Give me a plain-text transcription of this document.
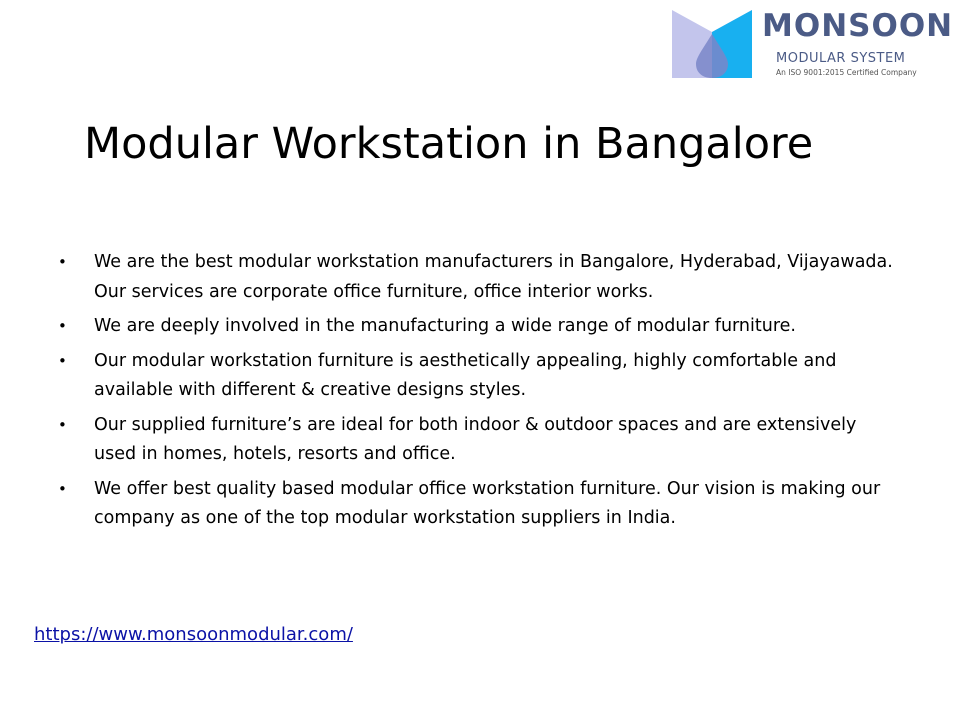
MONSOON
MODULAR SYSTEM
An ISO 9001:2015 Certified Company
Modular Workstation in Bangalore
• We are the best modular workstation manufacturers in Bangalore, Hyderabad, Vijayawada. Our services are corporate office furniture, office interior works.
• We are deeply involved in the manufacturing a wide range of modular furniture.
• Our modular workstation furniture is aesthetically appealing, highly comfortable and available with different & creative designs styles.
• Our supplied furniture’s are ideal for both indoor & outdoor spaces and are extensively used in homes, hotels, resorts and office.
• We offer best quality based modular office workstation furniture. Our vision is making our company as one of the top modular workstation suppliers in India.
https://www.monsoonmodular.com/
